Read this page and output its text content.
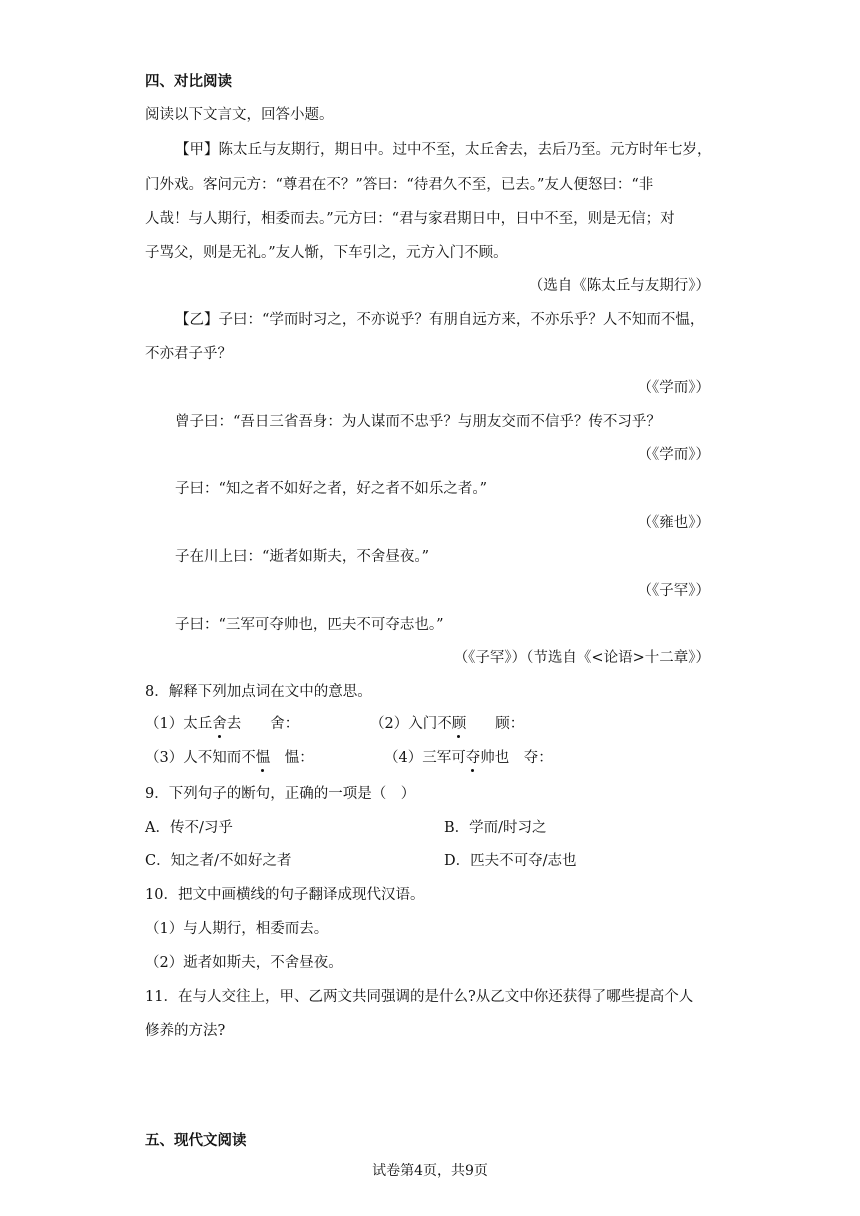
四、对比阅读
阅读以下文言文，回答小题。
【甲】陈太丘与友期行，期日中。过中不至，太丘舍去，去后乃至。元方时年七岁，
门外戏。客问元方：“尊君在不？”答曰：“待君久不至，已去。”友人便怒曰：“非
人哉！与人期行，相委而去。”元方曰：“君与家君期日中，日中不至，则是无信；对
子骂父，则是无礼。”友人惭，下车引之，元方入门不顾。
（选自《陈太丘与友期行》）
【乙】子曰：“学而时习之，不亦说乎？有朋自远方来，不亦乐乎？人不知而不愠，
不亦君子乎？
（《学而》）
曾子曰：“吾日三省吾身：为人谋而不忠乎？与朋友交而不信乎？传不习乎？
（《学而》）
子曰：“知之者不如好之者，好之者不如乐之者。”
（《雍也》）
子在川上曰：“逝者如斯夫，不舍昼夜。”
（《子罕》）
子曰：“三军可夺帅也，匹夫不可夺志也。”
（《子罕》）（节选自《<论语>十二章》）
8．解释下列加点词在文中的意思。
（1）太丘舍去　　舍：	（2）入门不顾　　顾：
（3）人不知而不愠　愠：	（4）三军可夺帅也　夺：
9．下列句子的断句，正确的一项是（　）
A．传不/习乎	B．学而/时习之
C．知之者/不如好之者	D．匹夫不可夺/志也
10．把文中画横线的句子翻译成现代汉语。
（1）与人期行，相委而去。
（2）逝者如斯夫，不舍昼夜。
11．在与人交往上，甲、乙两文共同强调的是什么?从乙文中你还获得了哪些提高个人
修养的方法?
五、现代文阅读
试卷第4页，共9页
